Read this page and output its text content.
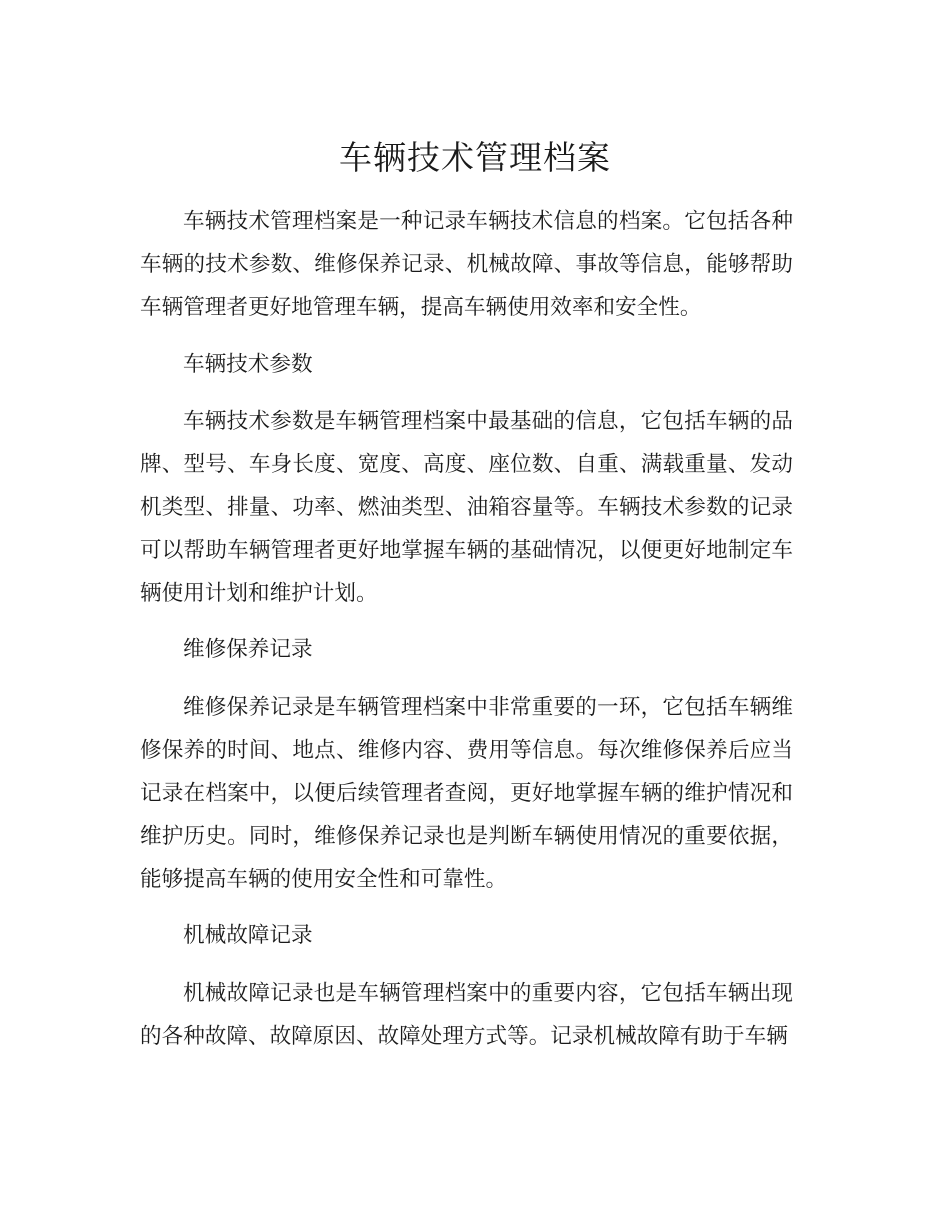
车辆技术管理档案

车辆技术管理档案是一种记录车辆技术信息的档案。它包括各种车辆的技术参数、维修保养记录、机械故障、事故等信息，能够帮助车辆管理者更好地管理车辆，提高车辆使用效率和安全性。

车辆技术参数

车辆技术参数是车辆管理档案中最基础的信息，它包括车辆的品牌、型号、车身长度、宽度、高度、座位数、自重、满载重量、发动机类型、排量、功率、燃油类型、油箱容量等。车辆技术参数的记录可以帮助车辆管理者更好地掌握车辆的基础情况，以便更好地制定车辆使用计划和维护计划。

维修保养记录

维修保养记录是车辆管理档案中非常重要的一环，它包括车辆维修保养的时间、地点、维修内容、费用等信息。每次维修保养后应当记录在档案中，以便后续管理者查阅，更好地掌握车辆的维护情况和维护历史。同时，维修保养记录也是判断车辆使用情况的重要依据，能够提高车辆的使用安全性和可靠性。

机械故障记录

机械故障记录也是车辆管理档案中的重要内容，它包括车辆出现的各种故障、故障原因、故障处理方式等。记录机械故障有助于车辆
